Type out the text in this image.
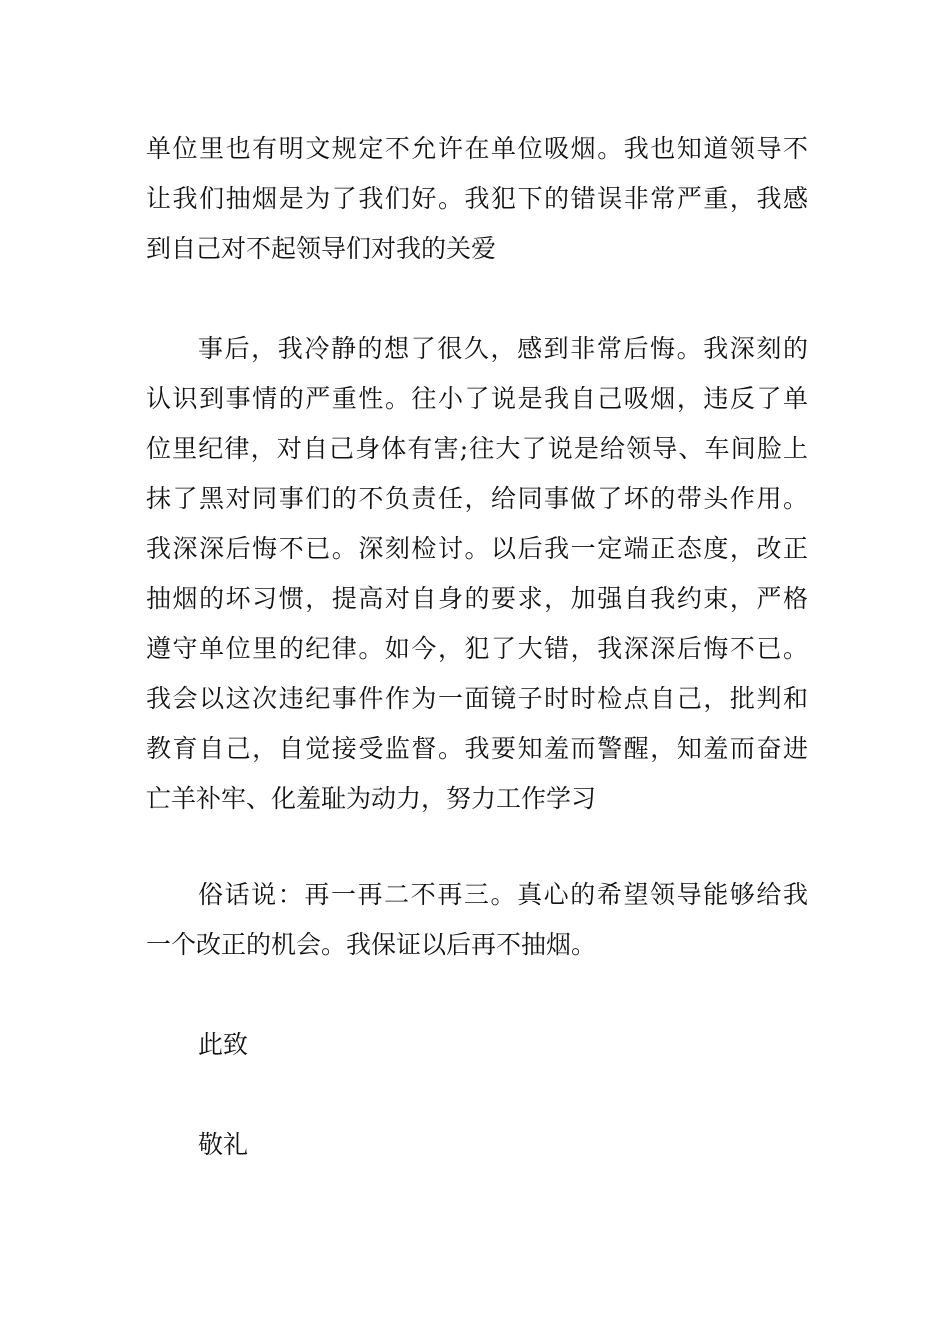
单位里也有明文规定不允许在单位吸烟。我也知道领导不
让我们抽烟是为了我们好。我犯下的错误非常严重，我感
到自己对不起领导们对我的关爱
事后，我冷静的想了很久，感到非常后悔。我深刻的
认识到事情的严重性。往小了说是我自己吸烟，违反了单
位里纪律，对自己身体有害;往大了说是给领导、车间脸上
抹了黑对同事们的不负责任，给同事做了坏的带头作用。
我深深后悔不已。深刻检讨。以后我一定端正态度，改正
抽烟的坏习惯，提高对自身的要求，加强自我约束，严格
遵守单位里的纪律。如今，犯了大错，我深深后悔不已。
我会以这次违纪事件作为一面镜子时时检点自己，批判和
教育自己，自觉接受监督。我要知羞而警醒，知羞而奋进
亡羊补牢、化羞耻为动力，努力工作学习
俗话说：再一再二不再三。真心的希望领导能够给我
一个改正的机会。我保证以后再不抽烟。
此致
敬礼
